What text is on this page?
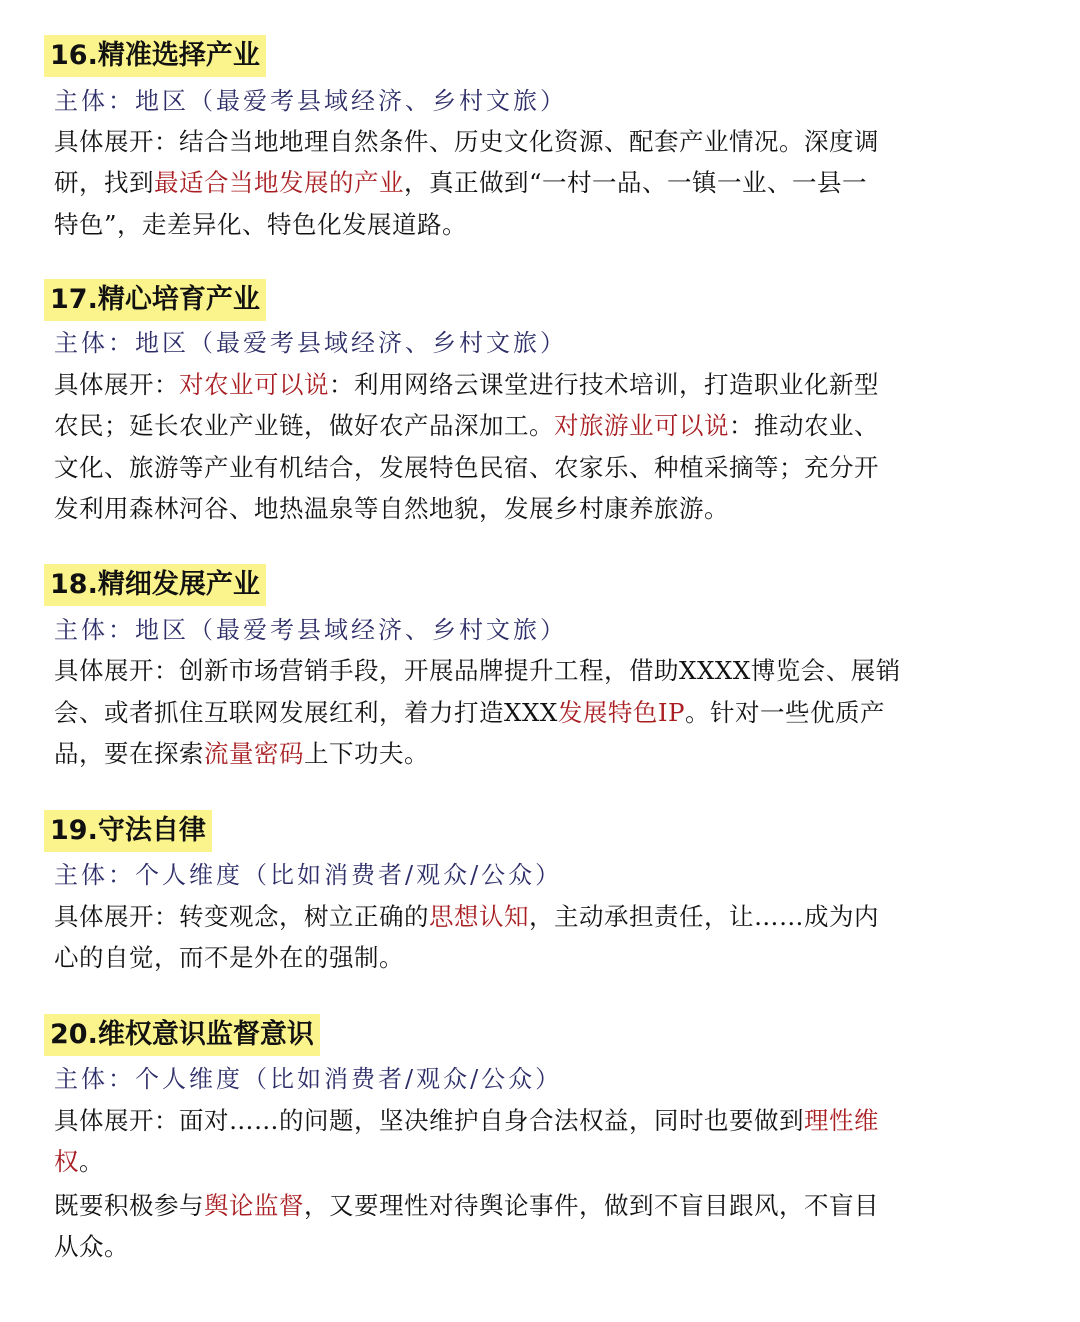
16.精准选择产业
主体：地区（最爱考县域经济、乡村文旅）
具体展开：结合当地地理自然条件、历史文化资源、配套产业情况。深度调
研，找到最适合当地发展的产业，真正做到“一村一品、一镇一业、一县一
特色”，走差异化、特色化发展道路。
17.精心培育产业
主体：地区（最爱考县域经济、乡村文旅）
具体展开：对农业可以说：利用网络云课堂进行技术培训，打造职业化新型
农民；延长农业产业链，做好农产品深加工。对旅游业可以说：推动农业、
文化、旅游等产业有机结合，发展特色民宿、农家乐、种植采摘等；充分开
发利用森林河谷、地热温泉等自然地貌，发展乡村康养旅游。
18.精细发展产业
主体：地区（最爱考县域经济、乡村文旅）
具体展开：创新市场营销手段，开展品牌提升工程，借助XXXX博览会、展销
会、或者抓住互联网发展红利，着力打造XXX发展特色IP。针对一些优质产
品，要在探索流量密码上下功夫。
19.守法自律
主体：个人维度（比如消费者/观众/公众）
具体展开：转变观念，树立正确的思想认知，主动承担责任，让……成为内
心的自觉，而不是外在的强制。
20.维权意识监督意识
主体：个人维度（比如消费者/观众/公众）
具体展开：面对……的问题，坚决维护自身合法权益，同时也要做到理性维
权。
既要积极参与舆论监督，又要理性对待舆论事件，做到不盲目跟风，不盲目
从众。
